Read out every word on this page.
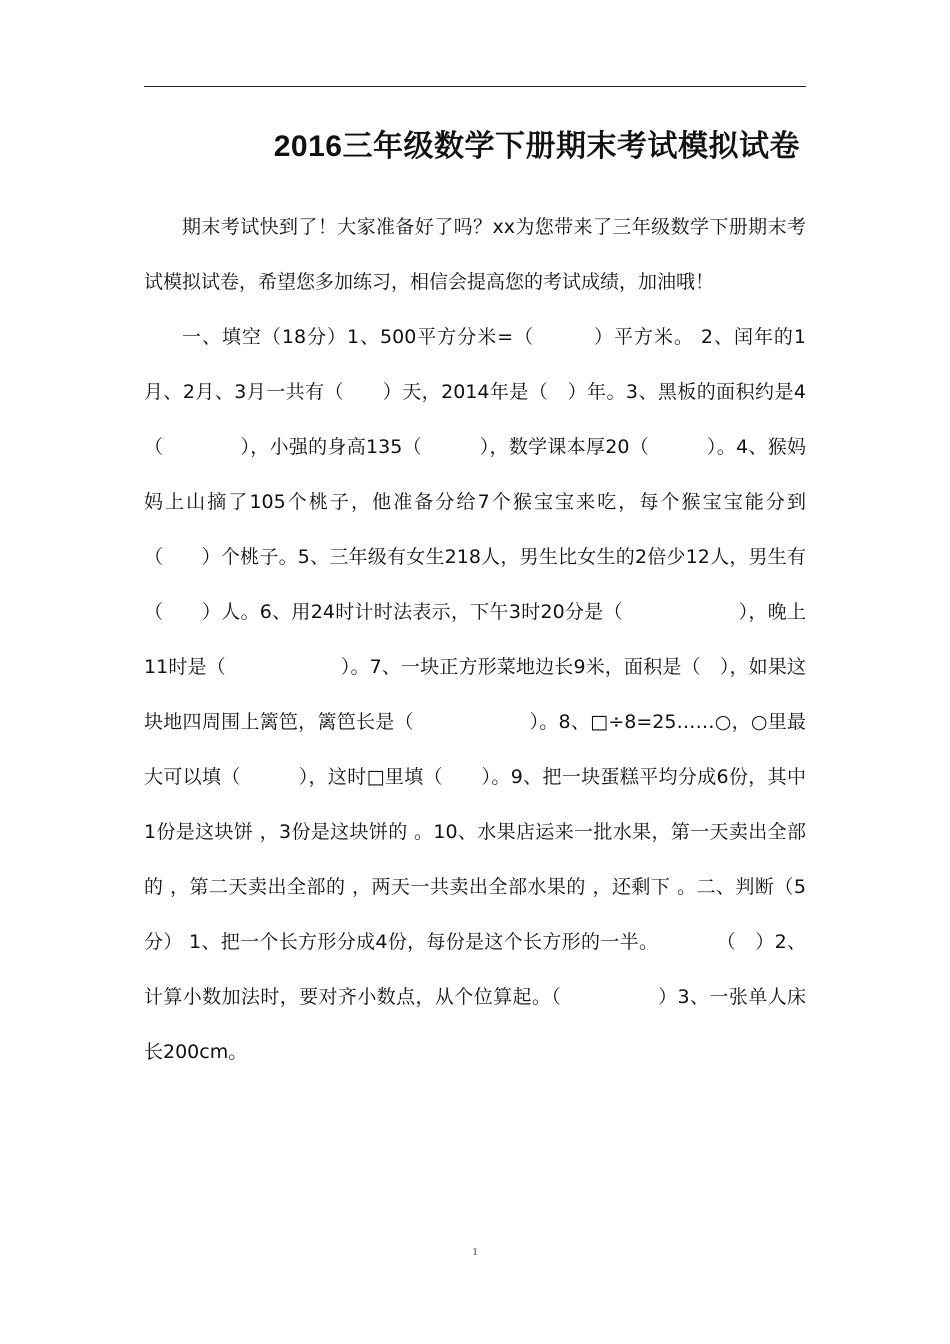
2016三年级数学下册期末考试模拟试卷

期末考试快到了！大家准备好了吗？xx为您带来了三年级数学下册期末考试模拟试卷，希望您多加练习，相信会提高您的考试成绩，加油哦！

一、填空（18分）1、500平方分米=（　　　）平方米。 2、闰年的1月、2月、3月一共有（　　）天，2014年是（　）年。3、黑板的面积约是4（　　　　），小强的身高135（　　　），数学课本厚20（　　　）。4、猴妈妈上山摘了105个桃子，他准备分给7个猴宝宝来吃，每个猴宝宝能分到（　　）个桃子。5、三年级有女生218人，男生比女生的2倍少12人，男生有（　　）人。6、用24时计时法表示，下午3时20分是（　　　　　　），晚上11时是（　　　　　　）。7、一块正方形菜地边长9米，面积是（　），如果这块地四周围上篱笆，篱笆长是（　　　　　　）。8、□÷8=25……○，○里最大可以填（　　　），这时□里填（　　）。9、把一块蛋糕平均分成6份，其中1份是这块饼 ，3份是这块饼的 。10、水果店运来一批水果，第一天卖出全部的 ，第二天卖出全部的 ，两天一共卖出全部水果的 ，还剩下 。二、判断（5分） 1、把一个长方形分成4份，每份是这个长方形的一半。　　　　（　）2、计算小数加法时，要对齐小数点，从个位算起。（　　　　　）3、一张单人床长200cm。

1
